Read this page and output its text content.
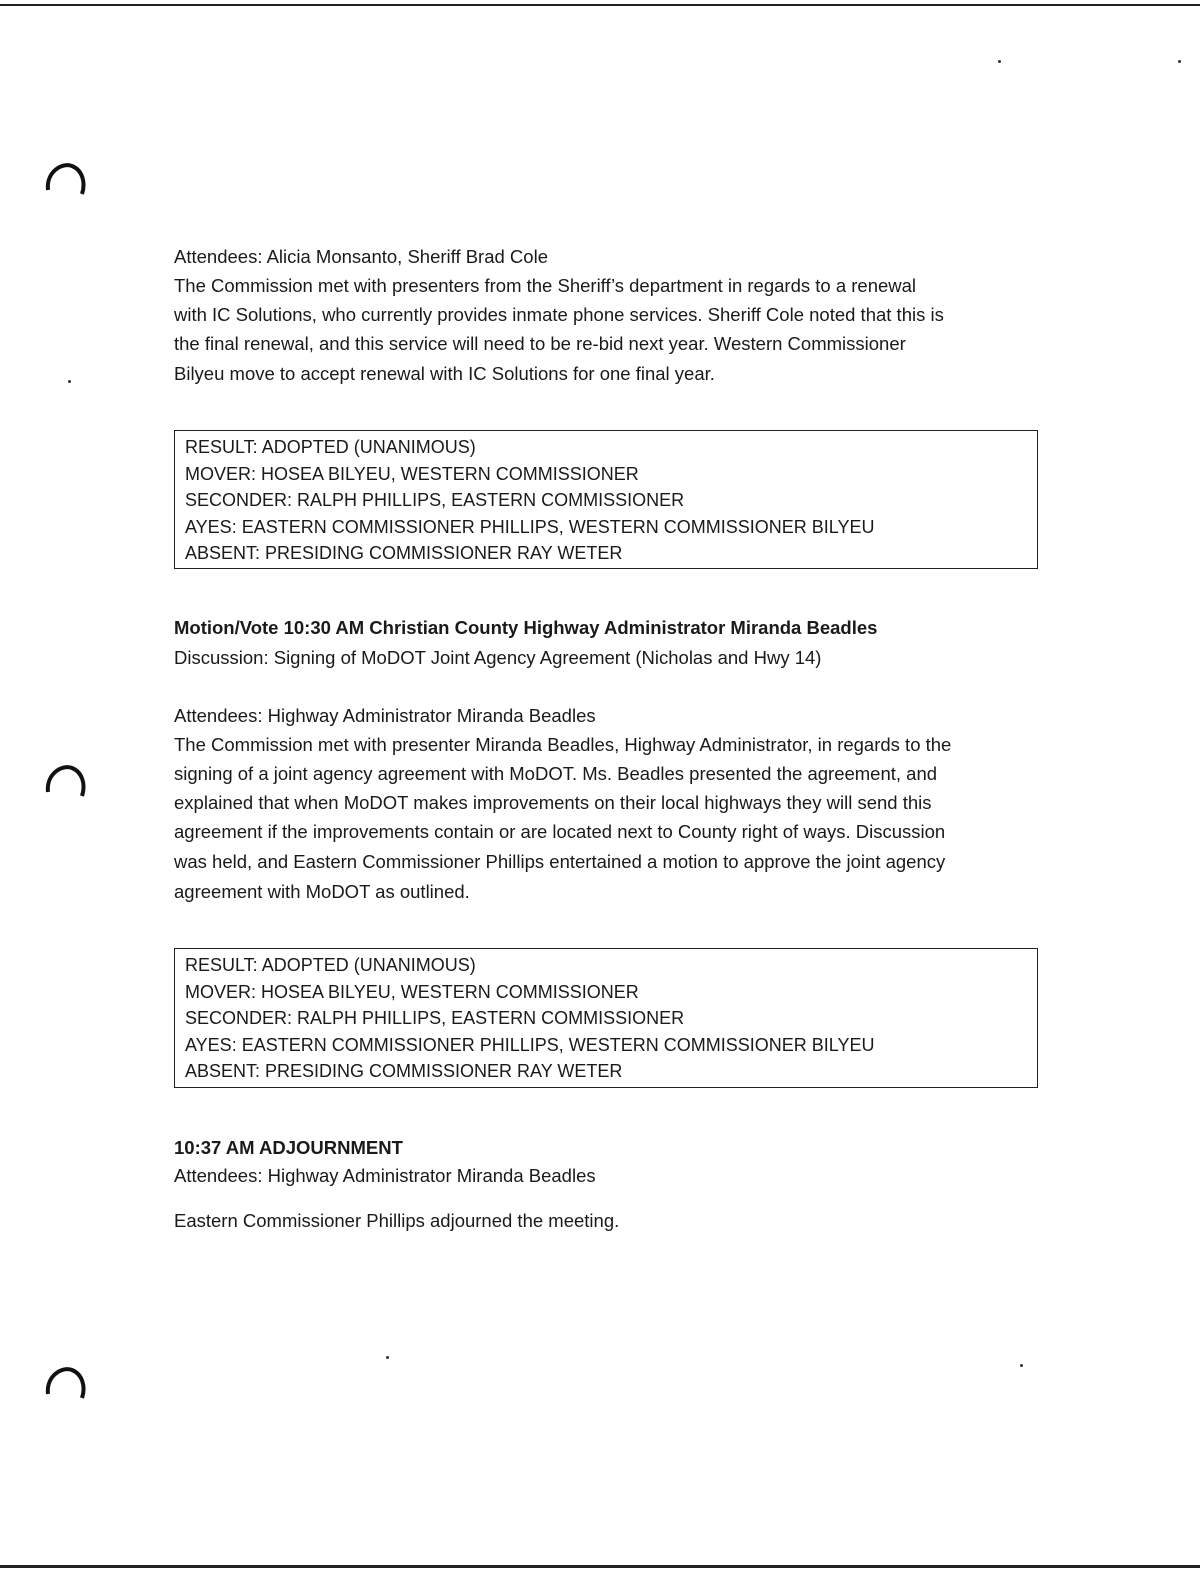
Attendees: Alicia Monsanto, Sheriff Brad Cole
The Commission met with presenters from the Sheriff’s department in regards to a renewal
with IC Solutions, who currently provides inmate phone services. Sheriff Cole noted that this is
the final renewal, and this service will need to be re-bid next year. Western Commissioner
Bilyeu move to accept renewal with IC Solutions for one final year.
RESULT: ADOPTED (UNANIMOUS)
MOVER: HOSEA BILYEU, WESTERN COMMISSIONER
SECONDER: RALPH PHILLIPS, EASTERN COMMISSIONER
AYES: EASTERN COMMISSIONER PHILLIPS, WESTERN COMMISSIONER BILYEU
ABSENT: PRESIDING COMMISSIONER RAY WETER
Motion/Vote 10:30 AM Christian County Highway Administrator Miranda Beadles
Discussion: Signing of MoDOT Joint Agency Agreement (Nicholas and Hwy 14)
Attendees: Highway Administrator Miranda Beadles
The Commission met with presenter Miranda Beadles, Highway Administrator, in regards to the
signing of a joint agency agreement with MoDOT. Ms. Beadles presented the agreement, and
explained that when MoDOT makes improvements on their local highways they will send this
agreement if the improvements contain or are located next to County right of ways. Discussion
was held, and Eastern Commissioner Phillips entertained a motion to approve the joint agency
agreement with MoDOT as outlined.
RESULT: ADOPTED (UNANIMOUS)
MOVER: HOSEA BILYEU, WESTERN COMMISSIONER
SECONDER: RALPH PHILLIPS, EASTERN COMMISSIONER
AYES: EASTERN COMMISSIONER PHILLIPS, WESTERN COMMISSIONER BILYEU
ABSENT: PRESIDING COMMISSIONER RAY WETER
10:37 AM ADJOURNMENT
Attendees: Highway Administrator Miranda Beadles
Eastern Commissioner Phillips adjourned the meeting.
